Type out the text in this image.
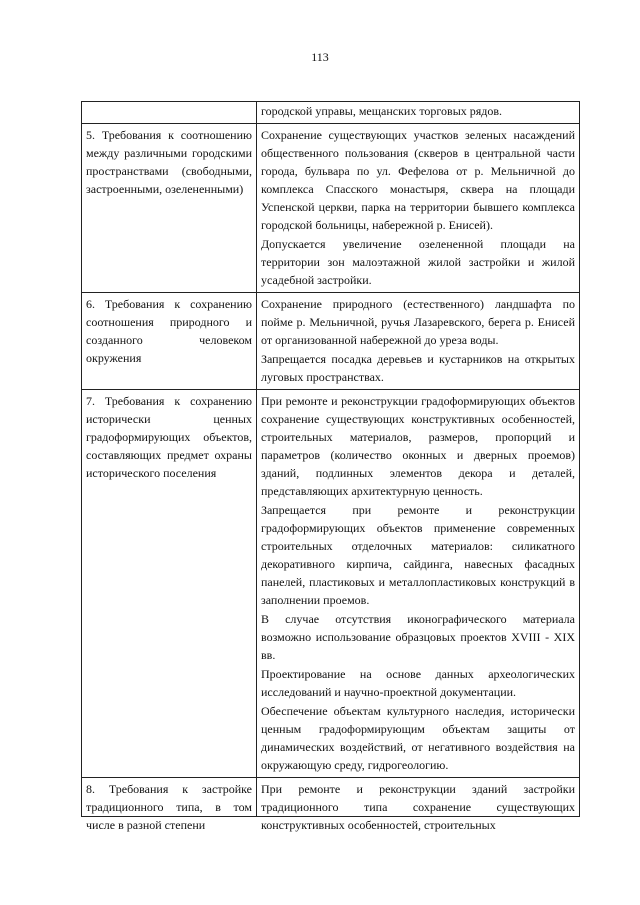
113

	городской управы, мещанских торговых рядов.

5. Требования к соотношению между различными городскими пространствами (свободными, застроенными, озелененными)	Сохранение существующих участков зеленых насаждений общественного пользования (скверов в центральной части города, бульвара по ул. Фефелова от р. Мельничной до комплекса Спасского монастыря, сквера на площади Успенской церкви, парка на территории бывшего комплекса городской больницы, набережной р. Енисей).

Допускается увеличение озелененной площади на территории зон малоэтажной жилой застройки и жилой усадебной застройки.

6. Требования к сохранению соотношения природного и созданного человеком окружения	Сохранение природного (естественного) ландшафта по пойме р. Мельничной, ручья Лазаревского, берега р. Енисей от организованной набережной до уреза воды.

Запрещается посадка деревьев и кустарников на открытых луговых пространствах.

7. Требования к сохранению исторически ценных градоформирующих объектов, составляющих предмет охраны исторического поселения	При ремонте и реконструкции градоформирующих объектов сохранение существующих конструктивных особенностей, строительных материалов, размеров, пропорций и параметров (количество оконных и дверных проемов) зданий, подлинных элементов декора и деталей, представляющих архитектурную ценность.

Запрещается при ремонте и реконструкции градоформирующих объектов применение современных строительных отделочных материалов: силикатного декоративного кирпича, сайдинга, навесных фасадных панелей, пластиковых и металлопластиковых конструкций в заполнении проемов.

В случае отсутствия иконографического материала возможно использование образцовых проектов XVIII - XIX вв.

Проектирование на основе данных археологических исследований и научно-проектной документации.

Обеспечение объектам культурного наследия, исторически ценным градоформирующим объектам защиты от динамических воздействий, от негативного воздействия на окружающую среду, гидрогеологию.

8. Требования к застройке традиционного типа, в том числе в разной степени	При ремонте и реконструкции зданий застройки традиционного типа сохранение существующих конструктивных особенностей, строительных
